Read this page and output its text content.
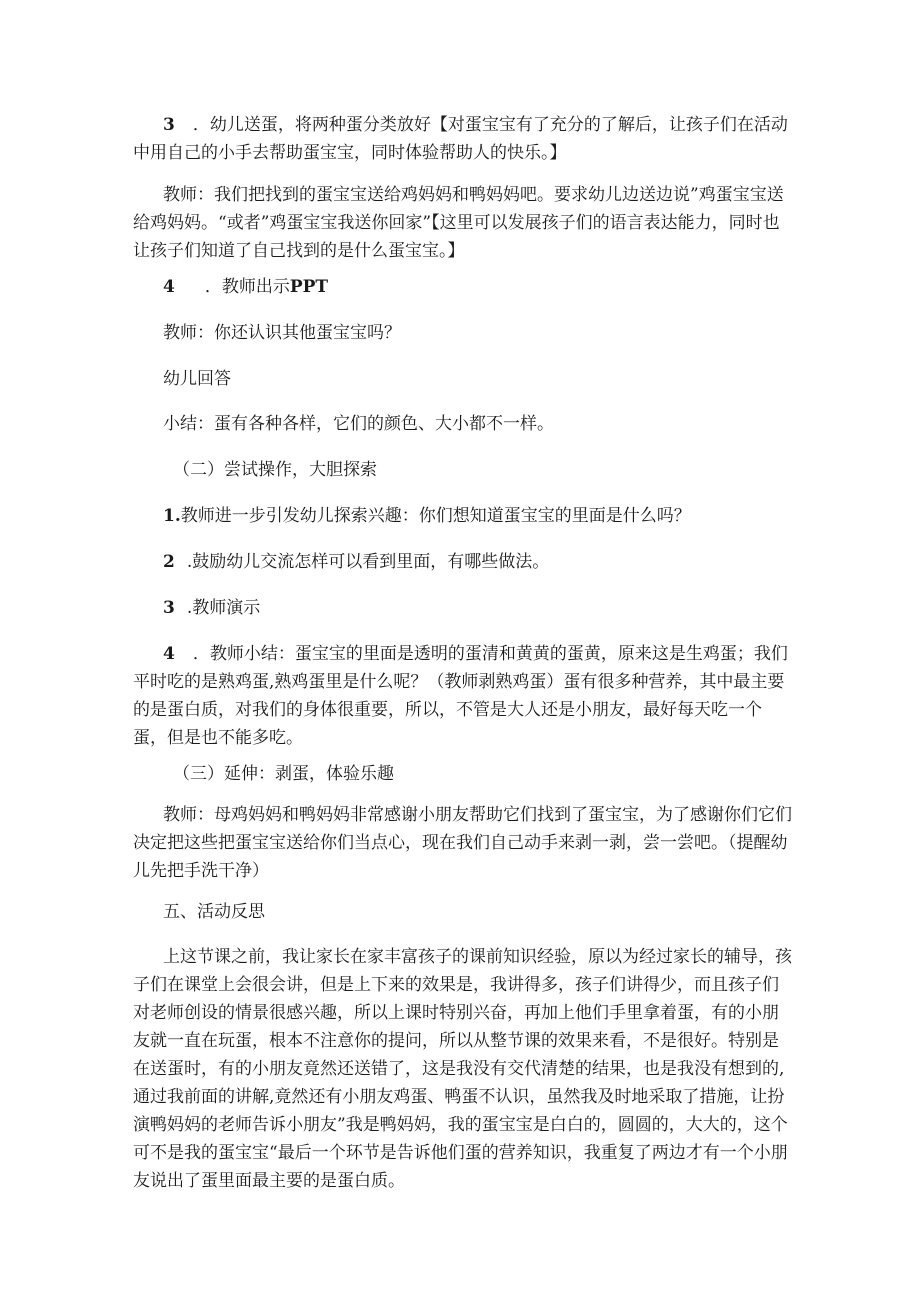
3 ．幼儿送蛋，将两种蛋分类放好【对蛋宝宝有了充分的了解后，让孩子们在活动中用自己的小手去帮助蛋宝宝，同时体验帮助人的快乐。】

教师：我们把找到的蛋宝宝送给鸡妈妈和鸭妈妈吧。要求幼儿边送边说”鸡蛋宝宝送给鸡妈妈。“或者”鸡蛋宝宝我送你回家”【这里可以发展孩子们的语言表达能力，同时也让孩子们知道了自己找到的是什么蛋宝宝。】

4 ．教师出示PPT

教师：你还认识其他蛋宝宝吗？

幼儿回答

小结：蛋有各种各样，它们的颜色、大小都不一样。

（二）尝试操作，大胆探索

1.教师进一步引发幼儿探索兴趣：你们想知道蛋宝宝的里面是什么吗？

2 .鼓励幼儿交流怎样可以看到里面，有哪些做法。

3 .教师演示

4 ．教师小结：蛋宝宝的里面是透明的蛋清和黄黄的蛋黄，原来这是生鸡蛋；我们平时吃的是熟鸡蛋,熟鸡蛋里是什么呢？（教师剥熟鸡蛋）蛋有很多种营养，其中最主要的是蛋白质，对我们的身体很重要，所以，不管是大人还是小朋友，最好每天吃一个蛋，但是也不能多吃。

（三）延伸：剥蛋，体验乐趣

教师：母鸡妈妈和鸭妈妈非常感谢小朋友帮助它们找到了蛋宝宝，为了感谢你们它们决定把这些把蛋宝宝送给你们当点心，现在我们自己动手来剥一剥，尝一尝吧。（提醒幼儿先把手洗干净）

五、活动反思

上这节课之前，我让家长在家丰富孩子的课前知识经验，原以为经过家长的辅导，孩子们在课堂上会很会讲，但是上下来的效果是，我讲得多，孩子们讲得少，而且孩子们对老师创设的情景很感兴趣，所以上课时特别兴奋，再加上他们手里拿着蛋，有的小朋友就一直在玩蛋，根本不注意你的提问，所以从整节课的效果来看，不是很好。特别是在送蛋时，有的小朋友竟然还送错了，这是我没有交代清楚的结果，也是我没有想到的,通过我前面的讲解,竟然还有小朋友鸡蛋、鸭蛋不认识，虽然我及时地采取了措施，让扮演鸭妈妈的老师告诉小朋友”我是鸭妈妈，我的蛋宝宝是白白的，圆圆的，大大的，这个可不是我的蛋宝宝“最后一个环节是告诉他们蛋的营养知识，我重复了两边才有一个小朋友说出了蛋里面最主要的是蛋白质。
